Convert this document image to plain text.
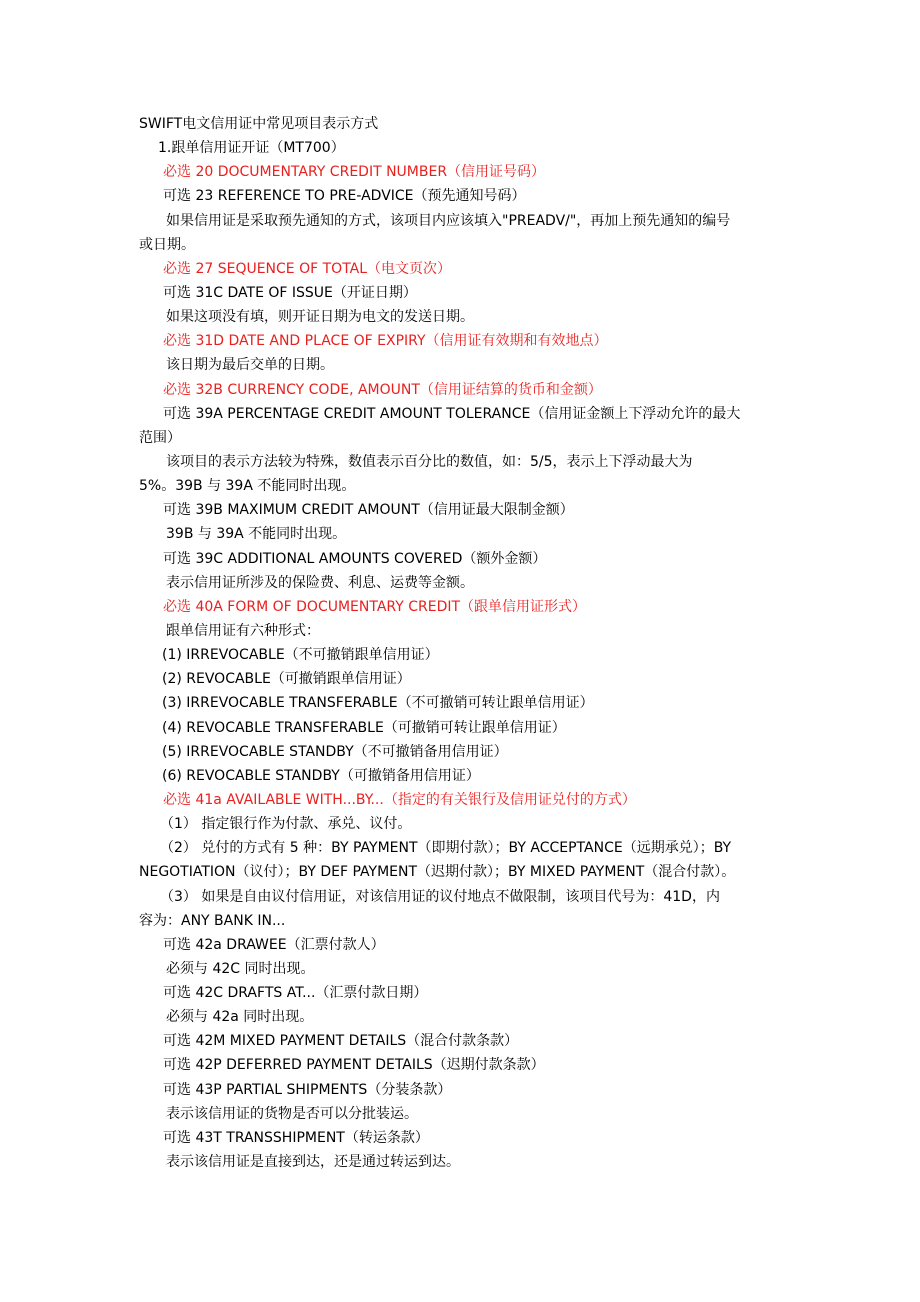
SWIFT电文信用证中常见项目表示方式
1.跟单信用证开证（MT700）
必选 20 DOCUMENTARY CREDIT NUMBER（信用证号码）
可选 23 REFERENCE TO PRE-ADVICE（预先通知号码）
如果信用证是采取预先通知的方式，该项目内应该填入"PREADV/"，再加上预先通知的编号
或日期。
必选 27 SEQUENCE OF TOTAL（电文页次）
可选 31C DATE OF ISSUE（开证日期）
如果这项没有填，则开证日期为电文的发送日期。
必选 31D DATE AND PLACE OF EXPIRY（信用证有效期和有效地点）
该日期为最后交单的日期。
必选 32B CURRENCY CODE, AMOUNT（信用证结算的货币和金额）
可选 39A PERCENTAGE CREDIT AMOUNT TOLERANCE（信用证金额上下浮动允许的最大
范围）
该项目的表示方法较为特殊，数值表示百分比的数值，如：5/5，表示上下浮动最大为
5%。39B 与 39A 不能同时出现。
可选 39B MAXIMUM CREDIT AMOUNT（信用证最大限制金额）
39B 与 39A 不能同时出现。
可选 39C ADDITIONAL AMOUNTS COVERED（额外金额）
表示信用证所涉及的保险费、利息、运费等金额。
必选 40A FORM OF DOCUMENTARY CREDIT（跟单信用证形式）
跟单信用证有六种形式：
(1) IRREVOCABLE（不可撤销跟单信用证）
(2) REVOCABLE（可撤销跟单信用证）
(3) IRREVOCABLE TRANSFERABLE（不可撤销可转让跟单信用证）
(4) REVOCABLE TRANSFERABLE（可撤销可转让跟单信用证）
(5) IRREVOCABLE STANDBY（不可撤销备用信用证）
(6) REVOCABLE STANDBY（可撤销备用信用证）
必选 41a AVAILABLE WITH...BY...（指定的有关银行及信用证兑付的方式）
（1） 指定银行作为付款、承兑、议付。
（2） 兑付的方式有 5 种：BY PAYMENT（即期付款）；BY ACCEPTANCE（远期承兑）；BY
NEGOTIATION（议付）；BY DEF PAYMENT（迟期付款）；BY MIXED PAYMENT（混合付款）。
（3） 如果是自由议付信用证，对该信用证的议付地点不做限制，该项目代号为：41D，内
容为：ANY BANK IN...
可选 42a DRAWEE（汇票付款人）
必须与 42C 同时出现。
可选 42C DRAFTS AT...（汇票付款日期）
必须与 42a 同时出现。
可选 42M MIXED PAYMENT DETAILS（混合付款条款）
可选 42P DEFERRED PAYMENT DETAILS（迟期付款条款）
可选 43P PARTIAL SHIPMENTS（分装条款）
表示该信用证的货物是否可以分批装运。
可选 43T TRANSSHIPMENT（转运条款）
表示该信用证是直接到达，还是通过转运到达。
